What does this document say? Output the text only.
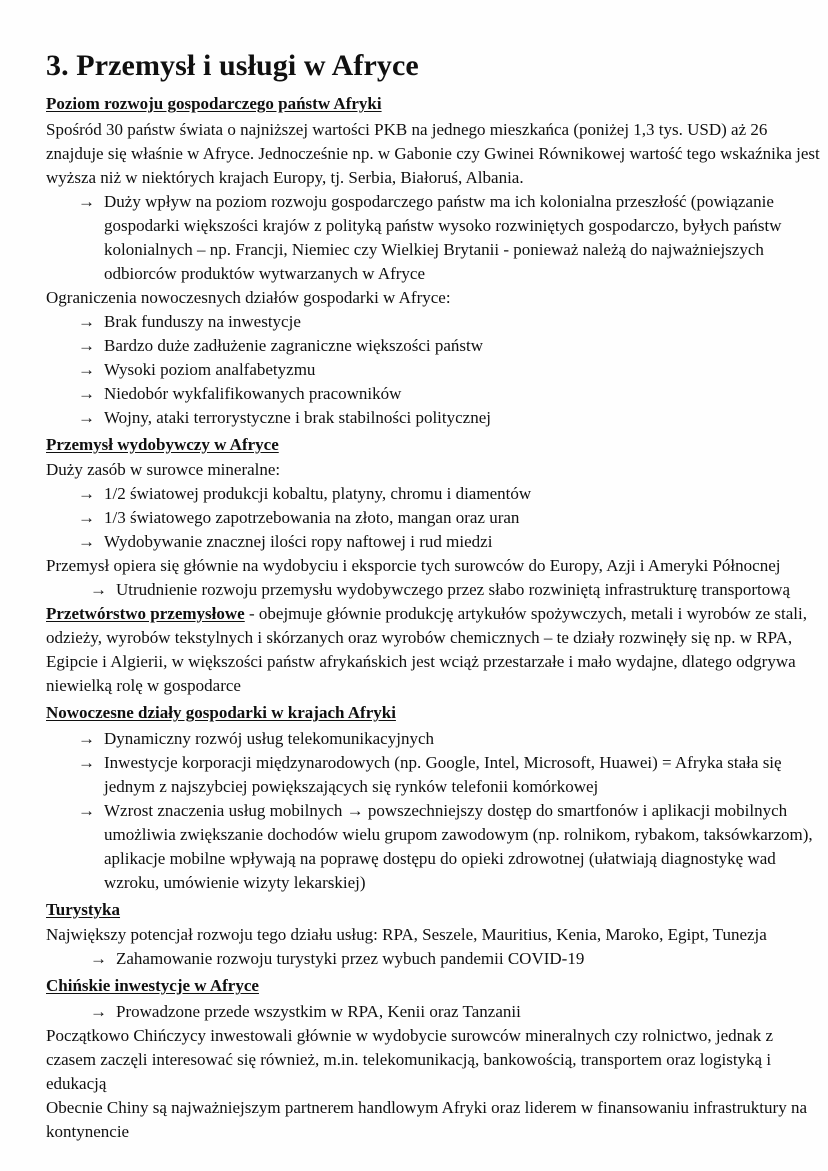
3. Przemysł i usługi w Afryce
Poziom rozwoju gospodarczego państw Afryki

Spośród 30 państw świata o najniższej wartości PKB na jednego mieszkańca (poniżej 1,3 tys. USD) aż 26 znajduje się właśnie w Afryce. Jednocześnie np. w Gabonie czy Gwinei Równikowej wartość tego wskaźnika jest wyższa niż w niektórych krajach Europy, tj. Serbia, Białoruś, Albania.

→ Duży wpływ na poziom rozwoju gospodarczego państw ma ich kolonialna przeszłość (powiązanie gospodarki większości krajów z polityką państw wysoko rozwiniętych gospodarczo, byłych państw kolonialnych – np. Francji, Niemiec czy Wielkiej Brytanii - ponieważ należą do najważniejszych odbiorców produktów wytwarzanych w Afryce

Ograniczenia nowoczesnych działów gospodarki w Afryce:

→ Brak funduszy na inwestycje
→ Bardzo duże zadłużenie zagraniczne większości państw
→ Wysoki poziom analfabetyzmu
→ Niedobór wykfalifikowanych pracowników
→ Wojny, ataki terrorystyczne i brak stabilności politycznej
Przemysł wydobywczy w Afryce

Duży zasób w surowce mineralne:

→ 1/2 światowej produkcji kobaltu, platyny, chromu i diamentów
→ 1/3 światowego zapotrzebowania na złoto, mangan oraz uran
→ Wydobywanie znacznej ilości ropy naftowej i rud miedzi

Przemysł opiera się głównie na wydobyciu i eksporcie tych surowców do Europy, Azji i Ameryki Północnej

→ Utrudnienie rozwoju przemysłu wydobywczego przez słabo rozwiniętą infrastrukturę transportową

Przetwórstwo przemysłowe - obejmuje głównie produkcję artykułów spożywczych, metali i wyrobów ze stali, odzieży, wyrobów tekstylnych i skórzanych oraz wyrobów chemicznych – te działy rozwinęły się np. w RPA, Egipcie i Algierii, w większości państw afrykańskich jest wciąż przestarzałe i mało wydajne, dlatego odgrywa niewielką rolę w gospodarce

Nowoczesne działy gospodarki w krajach Afryki
→ Dynamiczny rozwój usług telekomunikacyjnych
→ Inwestycje korporacji międzynarodowych (np. Google, Intel, Microsoft, Huawei) = Afryka stała się jednym z najszybciej powiększających się rynków telefonii komórkowej
→ Wzrost znaczenia usług mobilnych → powszechniejszy dostęp do smartfonów i aplikacji mobilnych umożliwia zwiększanie dochodów wielu grupom zawodowym (np. rolnikom, rybakom, taksówkarzom), aplikacje mobilne wpływają na poprawę dostępu do opieki zdrowotnej (ułatwiają diagnostykę wad wzroku, umówienie wizyty lekarskiej)
Turystyka

Największy potencjał rozwoju tego działu usług: RPA, Seszele, Mauritius, Kenia, Maroko, Egipt, Tunezja

→ Zahamowanie rozwoju turystyki przez wybuch pandemii COVID-19
Chińskie inwestycje w Afryce
→ Prowadzone przede wszystkim w RPA, Kenii oraz Tanzanii

Początkowo Chińczycy inwestowali głównie w wydobycie surowców mineralnych czy rolnictwo, jednak z czasem zaczęli interesować się również, m.in. telekomunikacją, bankowością, transportem oraz logistyką i edukacją

Obecnie Chiny są najważniejszym partnerem handlowym Afryki oraz liderem w finansowaniu infrastruktury na kontynencie
